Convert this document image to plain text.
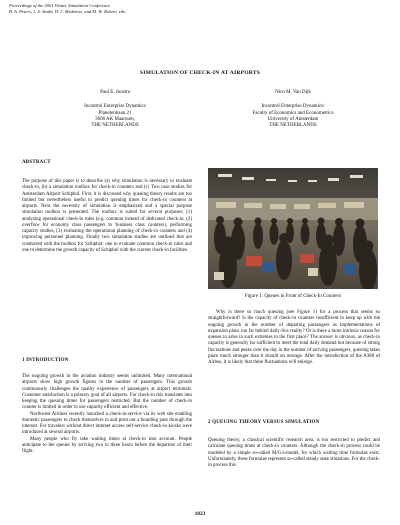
Proceedings of the 2001 Winter Simulation Conference
B. A. Peters, J. S. Smith, D. J. Medeiros, and M. W. Rohrer, eds.
SIMULATION OF CHECK-IN AT AIRPORTS
Paul E. Joustra
Incontrol Enterprise Dynamics
Planetenbaan 21
3606 AK Maarssen,
THE NETHERLANDS
Nico M. Van Dijk
Incontrol Enterprise Dynamics/
Faculty of Economics and Econometrics
University of Amsterdam
THE NETHERLANDS
ABSTRACT

The purpose of this paper is to describe (a) why simulation is necessary to evaluate check-in, (b) a simulation toolbox for check-in counters and (c) Two case studies for Amsterdam Airport Schiphol. First, it is discussed why queuing theory results are too limited but nevertheless useful to predict queuing times for check-in counters at airports. Next the necessity of simulation is emphasized and a special purpose simulation toolbox is presented. The toolbox is suited for several purposes; (1) analyzing operational check-in rules (e.g. common instead of dedicated check-in, (2) overflow for economy class passengers to 'business class counters), performing capacity studies, (3) evaluating the operational planning of check-in counters and (4) improving personnel planning. Finally two simulation studies are outlined that are conducted with the toolbox for Schiphol: one to evaluate common check-in rules and one to determine the growth capacity of Schiphol with the current check-in facilities.

1 INTRODUCTION

The ongoing growth in the aviation industry seems unlimited. Many international airports show high growth figures in the number of passengers. This growth continuously challenges the quality experience of passengers at airport terminals. Customer satisfaction is a primary goal of all airports. For check-in this translates into keeping the queuing times for passengers restricted. But the number of check-in counter is limited in order to use capacity efficient and effective.

Northwest Airlines recently launched a check-in-service via its web site enabling domestic passengers to check themselves in and print out a boarding pass through the internet. For travelers without direct internet access self-service check-in kiosks were introduced at several airports.

Many people who fly take waiting times at check-in into account. People anticipate to the queues by arriving two to three hours before the departure of their flight.

Figure 1: Queues in Front of Check-In Counters

Why is there so much queuing (see Figure 1) for a process that seems so straightforward? Is the capacity of check-in counters insufficient to keep up with the ongoing growth in the number of departing passengers as implementations of expansion plans run far behind daily-live reality? Or is there a more intrinsic reason for queues to arise in such extremes in the first place? The answer is obvious, as check-in capacity is generally far sufficient to meet the total daily demand but because of strong fluctuations and peaks over the day in the number of arriving passengers, queuing takes place much stronger than it should on average. After the introduction of the A380 of Airbus, it is likely that these fluctuations will enlarge.

2 QUEUING THEORY VERSUS SIMULATION

Queuing theory, a classical scientific research area, is too restricted to predict and calculate queuing times at check-in counters. Although the check-in process could be modeled by a simple so-called M/G/s-model, for which waiting time formulae exist. Unfortunately, these formulae represent so-called steady state situations. For the check-in process this

1023
